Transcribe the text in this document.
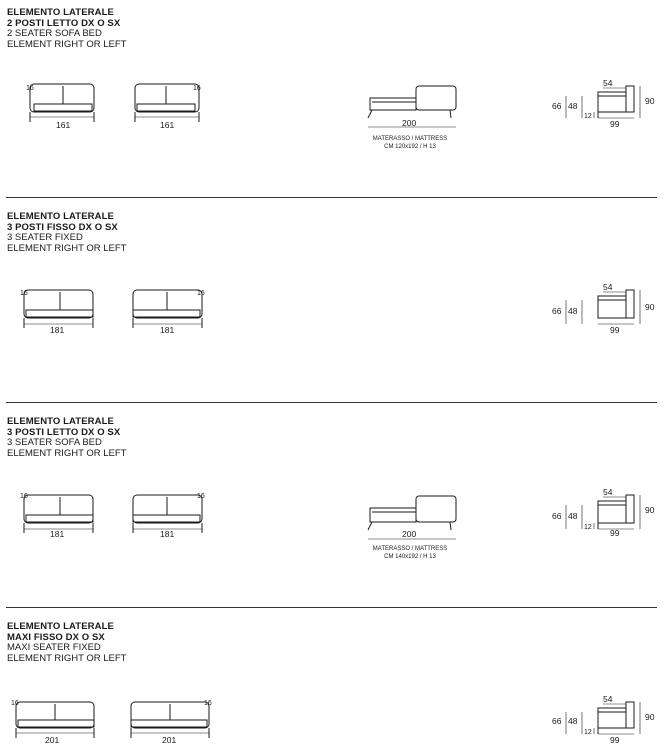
ELEMENTO LATERALE
2 POSTI LETTO DX O SX
2 SEATER SOFA BED
ELEMENT RIGHT OR LEFT
16
161
16
161	200
54
90
66 48
12
99
MATERASSO / MATTRESS
CM 120x192 / H 13
ELEMENTO LATERALE
3 POSTI FISSO DX O SX
3 SEATER FIXED
ELEMENT RIGHT OR LEFT
16
181
16
181
54
90
66 48
99
ELEMENTO LATERALE
3 POSTI LETTO DX O SX
3 SEATER SOFA BED
ELEMENT RIGHT OR LEFT
16
181
16
181	200
54
90
66 48
12
99
MATERASSO / MATTRESS
CM 140x192 / H 13
ELEMENTO LATERALE
MAXI FISSO DX O SX
MAXI SEATER FIXED
ELEMENT RIGHT OR LEFT
16
201
16
201
54
90
66 48
12
99
